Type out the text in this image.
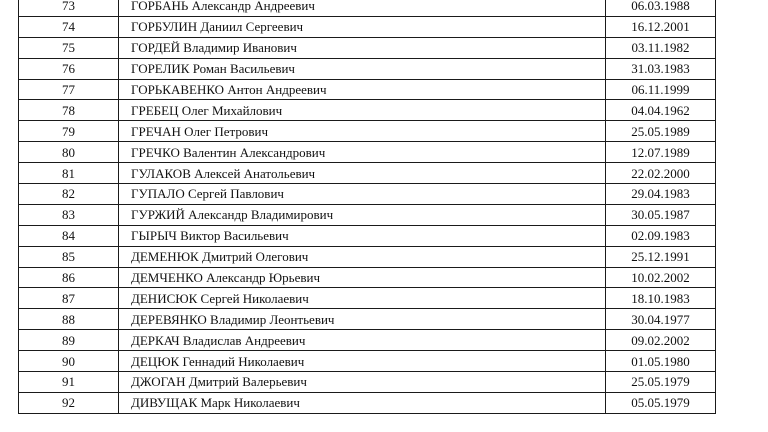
73	ГОРБАНЬ Александр Андреевич	06.03.1988
74	ГОРБУЛИН Даниил Сергеевич	16.12.2001
75	ГОРДЕЙ Владимир Иванович	03.11.1982
76	ГОРЕЛИК Роман Васильевич	31.03.1983
77	ГОРЬКАВЕНКО Антон Андреевич	06.11.1999
78	ГРЕБЕЦ Олег Михайлович	04.04.1962
79	ГРЕЧАН Олег Петрович	25.05.1989
80	ГРЕЧКО Валентин Александрович	12.07.1989
81	ГУЛАКОВ Алексей Анатольевич	22.02.2000
82	ГУПАЛО Сергей Павлович	29.04.1983
83	ГУРЖИЙ Александр Владимирович	30.05.1987
84	ГЫРЫЧ Виктор Васильевич	02.09.1983
85	ДЕМЕНЮК Дмитрий Олегович	25.12.1991
86	ДЕМЧЕНКО Александр Юрьевич	10.02.2002
87	ДЕНИСЮК Сергей Николаевич	18.10.1983
88	ДЕРЕВЯНКО Владимир Леонтьевич	30.04.1977
89	ДЕРКАЧ Владислав Андреевич	09.02.2002
90	ДЕЦЮК Геннадий Николаевич	01.05.1980
91	ДЖОГАН Дмитрий Валерьевич	25.05.1979
92	ДИВУЩАК Марк Николаевич	05.05.1979
